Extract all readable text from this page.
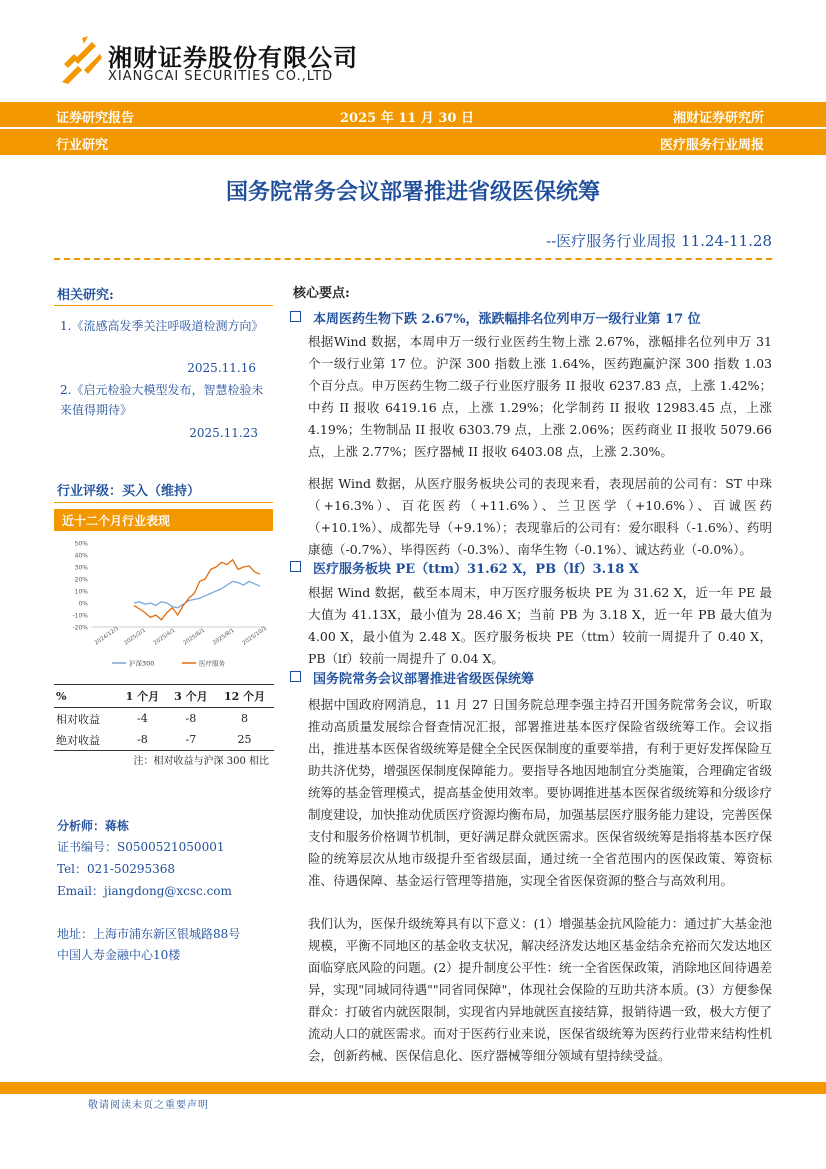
湘财证券股份有限公司
XIANGCAI SECURITIES CO.,LTD
证券研究报告	2025 年 11 月 30 日	湘财证券研究所
行业研究	医疗服务行业周报
国务院常务会议部署推进省级医保统筹
--医疗服务行业周报 11.24-11.28
相关研究:
1.《流感高发季关注呼吸道检测方向》
2025.11.16
2.《启元检验大模型发布，智慧检验未来值得期待》
2025.11.23
行业评级：买入（维持）
近十二个月行业表现
50%
40%
30%
20%
10%
0%
-10%
-20% 2024/12/1 2025/2/1 2025/4/1 2025/6/1 2025/8/1 2025/10/1
沪深300	医疗服务
%	1 个月	3 个月	12 个月
相对收益	-4	-8	8
绝对收益	-8	-7	25
注：相对收益与沪深 300 相比
分析师：蒋栋
证书编号：S0500521050001
Tel：021-50295368
Email：jiangdong@xcsc.com
地址：上海市浦东新区银城路88号
中国人寿金融中心10楼
核心要点:
本周医药生物下跌 2.67%，涨跌幅排名位列申万一级行业第 17 位
根据Wind 数据，本周申万一级行业医药生物上涨 2.67%，涨幅排名位列申万 31 个一级行业第 17 位。沪深 300 指数上涨 1.64%，医药跑赢沪深 300 指数 1.03 个百分点。申万医药生物二级子行业医疗服务 II 报收 6237.83 点，上涨 1.42%；中药 II 报收 6419.16 点，上涨 1.29%；化学制药 II 报收 12983.45 点，上涨 4.19%；生物制品 II 报收 6303.79 点，上涨 2.06%；医药商业 II 报收 5079.66 点，上涨 2.77%；医疗器械 II 报收 6403.08 点，上涨 2.30%。
根据 Wind 数据，从医疗服务板块公司的表现来看，表现居前的公司有：ST 中珠（+16.3%）、百花医药（+11.6%）、兰卫医学（+10.6%）、百诚医药（+10.1%）、成都先导（+9.1%）；表现靠后的公司有：爱尔眼科（-1.6%）、药明康德（-0.7%）、毕得医药（-0.3%）、南华生物（-0.1%）、诚达药业（-0.0%）。
医疗服务板块 PE（ttm）31.62 X，PB（lf）3.18 X
根据 Wind 数据，截至本周末，申万医疗服务板块 PE 为 31.62 X，近一年 PE 最大值为 41.13X，最小值为 28.46 X；当前 PB 为 3.18 X，近一年 PB 最大值为 4.00 X，最小值为 2.48 X。医疗服务板块 PE（ttm）较前一周提升了 0.40 X，PB（lf）较前一周提升了 0.04 X。
国务院常务会议部署推进省级医保统筹
根据中国政府网消息，11 月 27 日国务院总理李强主持召开国务院常务会议，听取推动高质量发展综合督查情况汇报，部署推进基本医疗保险省级统筹工作。会议指出，推进基本医保省级统筹是健全全民医保制度的重要举措，有利于更好发挥保险互助共济优势，增强医保制度保障能力。要指导各地因地制宜分类施策，合理确定省级统筹的基金管理模式，提高基金使用效率。要协调推进基本医保省级统筹和分级诊疗制度建设，加快推动优质医疗资源均衡布局，加强基层医疗服务能力建设，完善医保支付和服务价格调节机制，更好满足群众就医需求。医保省级统筹是指将基本医疗保险的统筹层次从地市级提升至省级层面，通过统一全省范围内的医保政策、筹资标准、待遇保障、基金运行管理等措施，实现全省医保资源的整合与高效利用。
我们认为，医保升级统筹具有以下意义：(1）增强基金抗风险能力：通过扩大基金池规模，平衡不同地区的基金收支状况，解决经济发达地区基金结余充裕而欠发达地区面临穿底风险的问题。(2）提升制度公平性：统一全省医保政策，消除地区间待遇差异，实现"同城同待遇""同省同保障"，体现社会保险的互助共济本质。(3）方便参保群众：打破省内就医限制，实现省内异地就医直接结算，报销待遇一致，极大方便了流动人口的就医需求。而对于医药行业来说，医保省级统筹为医药行业带来结构性机会，创新药械、医保信息化、医疗器械等细分领域有望持续受益。
敬请阅读末页之重要声明
